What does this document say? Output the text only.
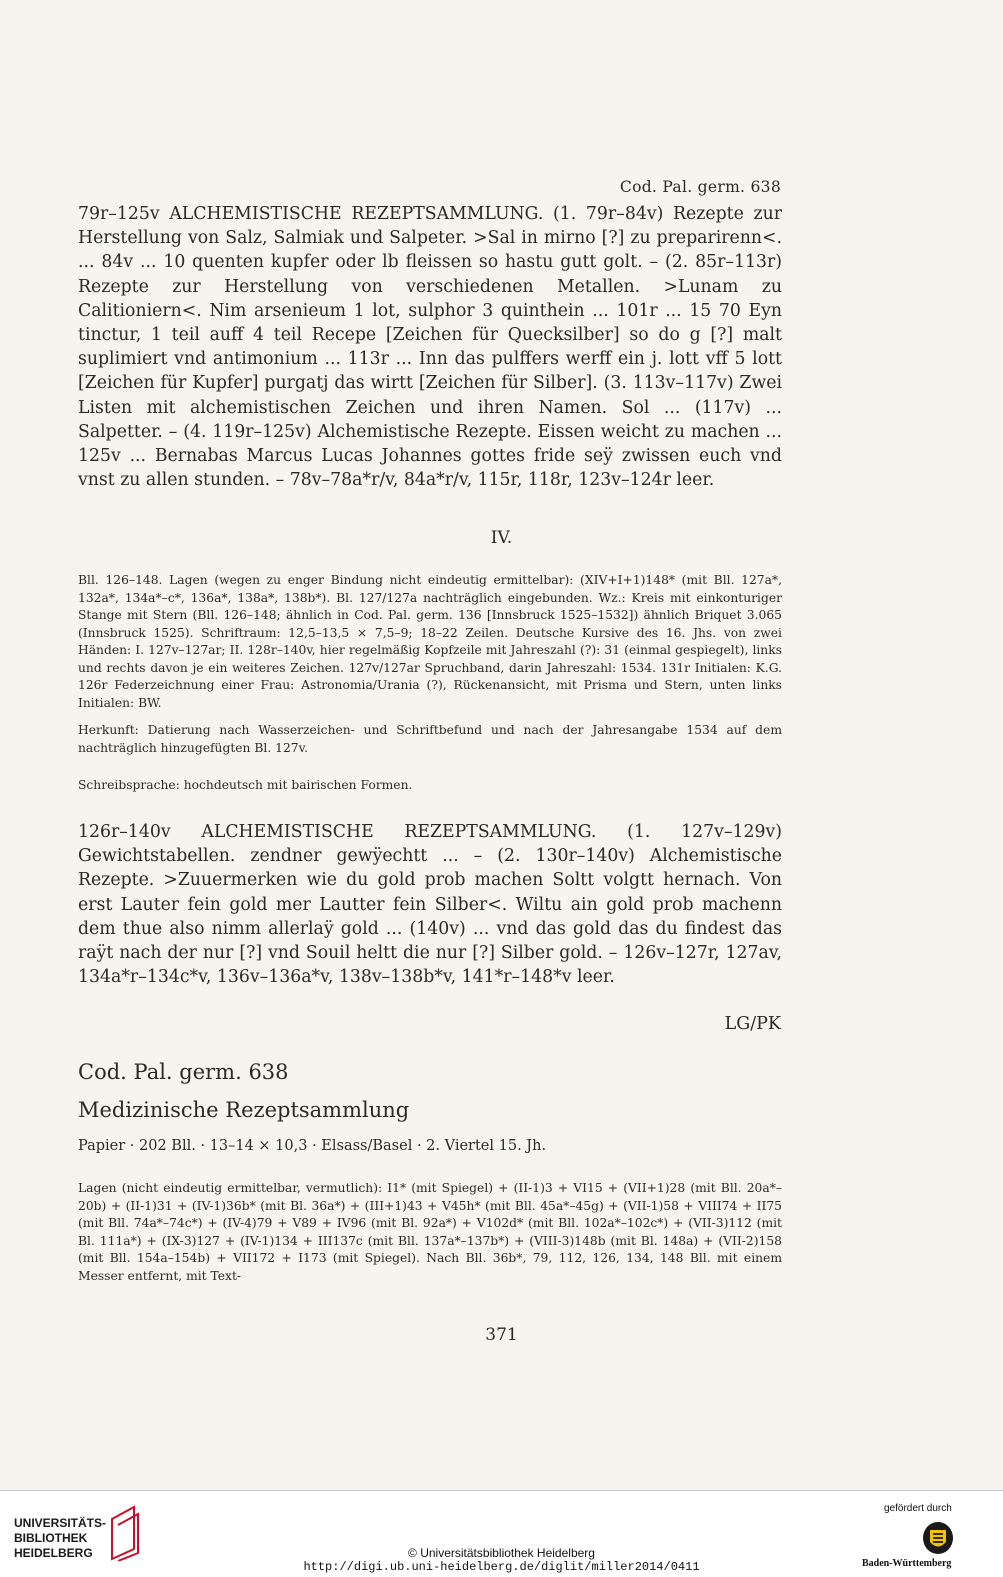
Cod. Pal. germ. 638

79r–125v ALCHEMISTISCHE REZEPTSAMMLUNG. (1. 79r–84v) Rezepte zur Herstellung von Salz, Salmiak und Salpeter. >Sal in mirno [?] zu preparirenn<. ... 84v ... 10 quenten kupfer oder lb fleissen so hastu gutt golt. – (2. 85r–113r) Rezepte zur Herstellung von verschiedenen Metallen. >Lunam zu Calitioniern<. Nim arsenieum 1 lot, sulphor 3 quinthein ... 101r ... 15 70 Eyn tinctur, 1 teil auff 4 teil Recepe [Zeichen für Quecksilber] so do g [?] malt suplimiert vnd antimonium ... 113r ... Inn das pulffers werff ein j. lott vff 5 lott [Zeichen für Kupfer] purgatj das wirtt [Zeichen für Silber]. (3. 113v–117v) Zwei Listen mit alchemistischen Zeichen und ihren Namen. Sol ... (117v) ... Salpetter. – (4. 119r–125v) Alchemistische Rezepte. Eissen weicht zu machen ... 125v ... Bernabas Marcus Lucas Johannes gottes fride seÿ zwissen euch vnd vnst zu allen stunden. – 78v–78a*r/v, 84a*r/v, 115r, 118r, 123v–124r leer.

IV.

Bll. 126–148. Lagen (wegen zu enger Bindung nicht eindeutig ermittelbar): (XIV+I+1)148* (mit Bll. 127a*, 132a*, 134a*–c*, 136a*, 138a*, 138b*). Bl. 127/127a nachträglich eingebunden. Wz.: Kreis mit einkonturiger Stange mit Stern (Bll. 126–148; ähnlich in Cod. Pal. germ. 136 [Innsbruck 1525–1532]) ähnlich Briquet 3.065 (Innsbruck 1525). Schriftraum: 12,5–13,5 × 7,5–9; 18–22 Zeilen. Deutsche Kursive des 16. Jhs. von zwei Händen: I. 127v–127ar; II. 128r–140v, hier regelmäßig Kopfzeile mit Jahreszahl (?): 31 (einmal gespiegelt), links und rechts davon je ein weiteres Zeichen. 127v/127ar Spruchband, darin Jahreszahl: 1534. 131r Initialen: K.G. 126r Federzeichnung einer Frau: Astronomia/Urania (?), Rückenansicht, mit Prisma und Stern, unten links Initialen: BW.

Herkunft: Datierung nach Wasserzeichen- und Schriftbefund und nach der Jahresangabe 1534 auf dem nachträglich hinzugefügten Bl. 127v.

Schreibsprache: hochdeutsch mit bairischen Formen.

126r–140v ALCHEMISTISCHE REZEPTSAMMLUNG. (1. 127v–129v) Gewichtstabellen. zendner gewÿechtt ... – (2. 130r–140v) Alchemistische Rezepte. >Zuuermerken wie du gold prob machen Soltt volgtt hernach. Von erst Lauter fein gold mer Lautter fein Silber<. Wiltu ain gold prob machenn dem thue also nimm allerlaÿ gold ... (140v) ... vnd das gold das du findest das raÿt nach der nur [?] vnd Souil heltt die nur [?] Silber gold. – 126v–127r, 127av, 134a*r–134c*v, 136v–136a*v, 138v–138b*v, 141*r–148*v leer.

LG/PK
Cod. Pal. germ. 638
Medizinische Rezeptsammlung
Papier · 202 Bll. · 13–14 × 10,3 · Elsass/Basel · 2. Viertel 15. Jh.

Lagen (nicht eindeutig ermittelbar, vermutlich): I1* (mit Spiegel) + (II-1)3 + VI15 + (VII+1)28 (mit Bll. 20a*–20b) + (II-1)31 + (IV-1)36b* (mit Bl. 36a*) + (III+1)43 + V45h* (mit Bll. 45a*–45g) + (VII-1)58 + VIII74 + II75 (mit Bll. 74a*–74c*) + (IV-4)79 + V89 + IV96 (mit Bl. 92a*) + V102d* (mit Bll. 102a*–102c*) + (VII-3)112 (mit Bl. 111a*) + (IX-3)127 + (IV-1)134 + III137c (mit Bll. 137a*–137b*) + (VIII-3)148b (mit Bl. 148a) + (VII-2)158 (mit Bll. 154a–154b) + VII172 + I173 (mit Spiegel). Nach Bll. 36b*, 79, 112, 126, 134, 148 Bll. mit einem Messer entfernt, mit Text-

371
UNIVERSITÄTS-
BIBLIOTHEK
HEIDELBERG	© Universitätsbibliothek Heidelberg
http://digi.ub.uni-heidelberg.de/diglit/miller2014/0411
gefördert durch
Baden-Württemberg
